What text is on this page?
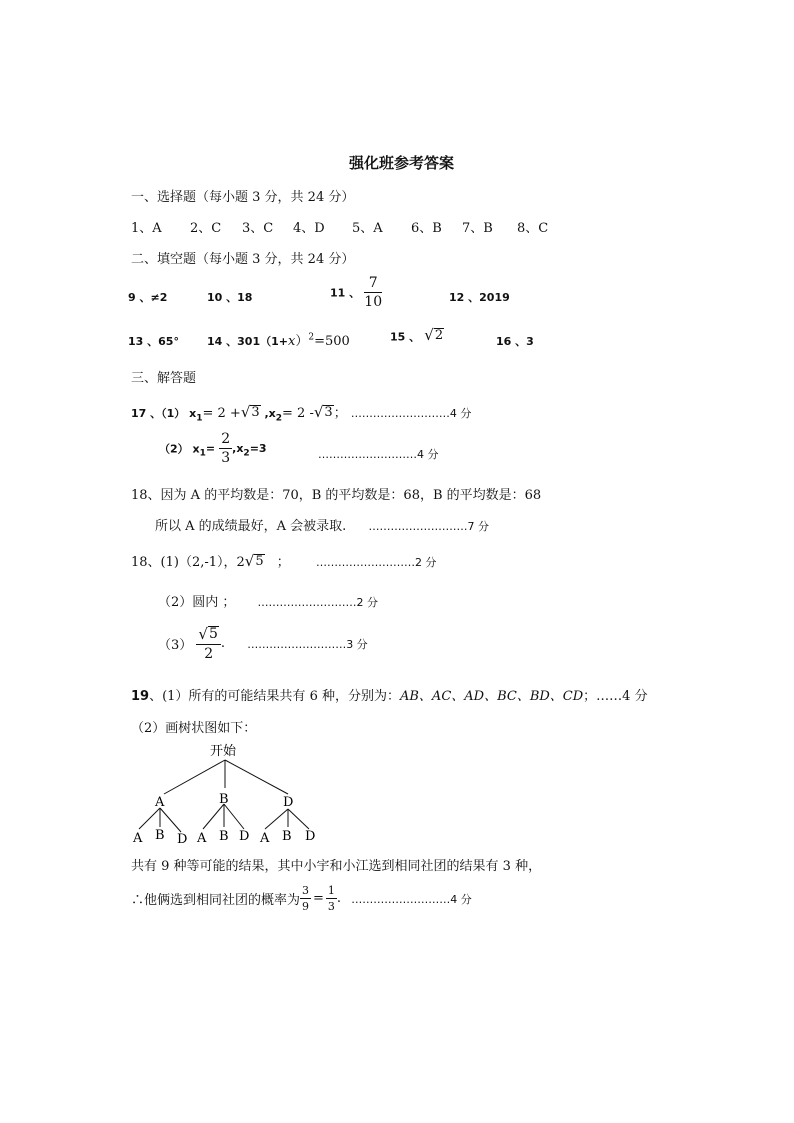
强化班参考答案
一、选择题（每小题 3 分，共 24 分）
1、A 2、C 3、C 4、D 5、A 6、B 7、B 8、C
二、填空题（每小题 3 分，共 24 分）
9 、≠2	10 、18	11 、 $\frac{7}{10}$	12 、2019
13 、65°	14 、$301(1+x)^2=500$	15 、 √ 2	16 、3
三、解答题
17 、（1） $x_1= 2$ + √ 3 $,x_2= 2$ - √ 3 ； ………………………4 分
（2） $x_1= \frac{2}{3} ,x_2=3$	………………………4 分
18、因为 A 的平均数是：70，B 的平均数是：68，B 的平均数是：68
所以 A 的成绩最好，A 会被录取. ………………………7 分
18、(1)（2,-1），2 √ 5 ； ………………………2 分
（2）圆内 ； ………………………2 分
$(3) \frac{√ 5}{2}$ . ………………………3 分
19、(1）所有的可能结果共有 6 种，分别为：AB、AC、AD、BC、BD、CD；……4 分
（2）画树状图如下：
开始
A	B	D
A B D A B D A B D
共有 9 种等可能的结果，其中小宇和小江选到相同社团的结果有 3 种，
∴他俩选到相同社团的概率为 $\frac{3}{9} = \frac{1}{3}$ . ………………………4 分
